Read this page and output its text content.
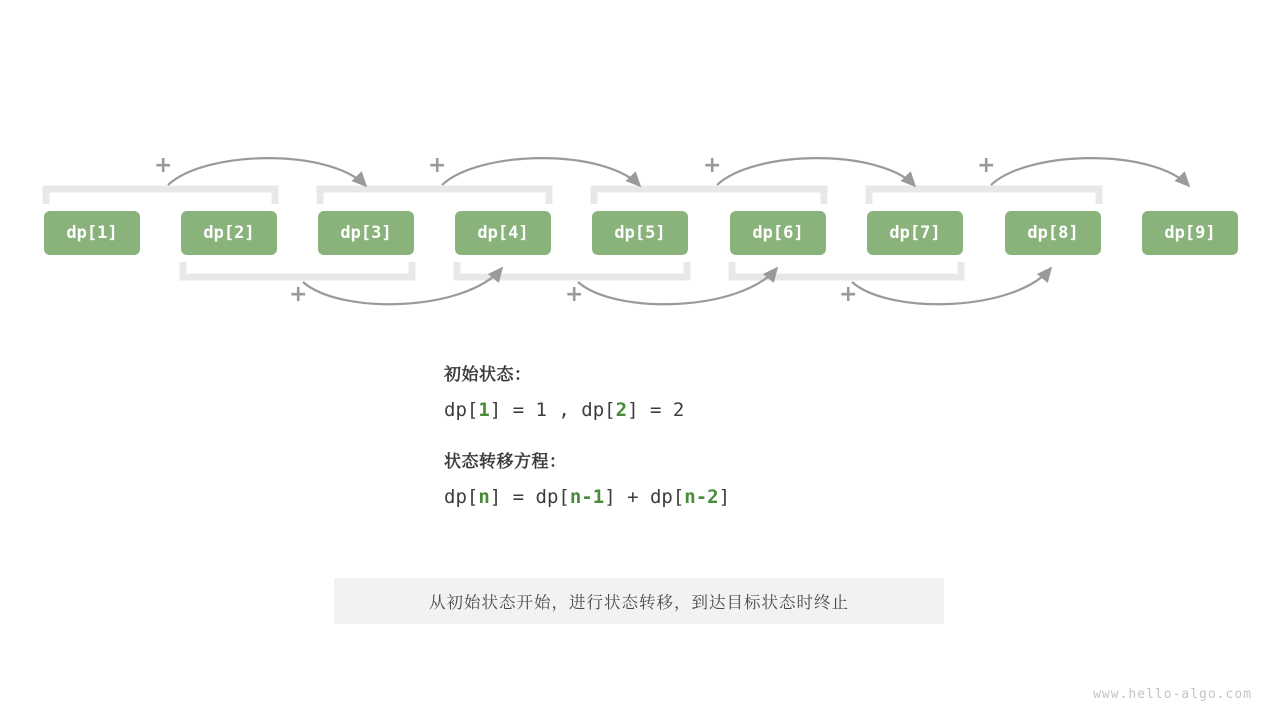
dp[1]	dp[2]	dp[3]	dp[4]	dp[5]	dp[6]	dp[7]	dp[8]	dp[9]
+	+	+	+
+	+	+

初始状态：

dp[1] = 1 , dp[2] = 2

状态转移方程：

dp[n] = dp[n-1] + dp[n-2]

从初始状态开始，进行状态转移，到达目标状态时终止
www.hello-algo.com
